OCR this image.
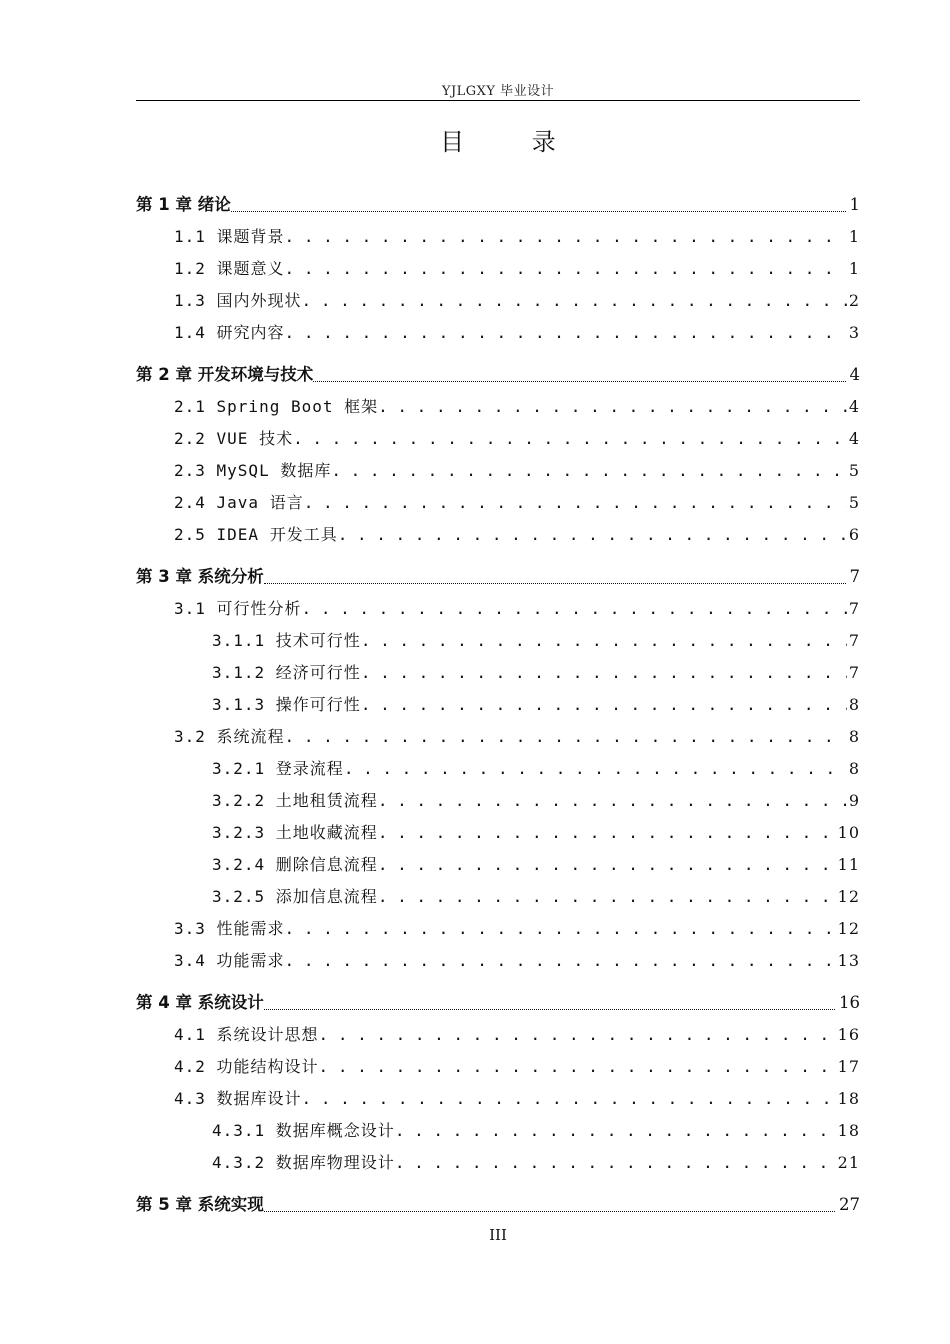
YJLGXY 毕业设计
目 录
第 1 章 绪论	1
1.1 课题背景 . . .	1
1.2 课题意义 . . .	1
1.3 国内外现状 . . .	2
1.4 研究内容 . . .	3
第 2 章 开发环境与技术	4
2.1 Spring Boot 框架 . . .	4
2.2 VUE 技术 . . .	4
2.3 MySQL 数据库 . . .	5
2.4 Java 语言 . . .	5
2.5 IDEA 开发工具 . . .	6
第 3 章 系统分析	7
3.1 可行性分析 . . .	7
3.1.1 技术可行性 . . .	7
3.1.2 经济可行性 . . .	7
3.1.3 操作可行性 . . .	8
3.2 系统流程 . . .	8
3.2.1 登录流程 . . .	8
3.2.2 土地租赁流程 . . .	9
3.2.3 土地收藏流程 . . .	10
3.2.4 删除信息流程 . . .	11
3.2.5 添加信息流程 . . .	12
3.3 性能需求 . . .	12
3.4 功能需求 . . .	13
第 4 章 系统设计	16
4.1 系统设计思想 . . .	16
4.2 功能结构设计 . . .	17
4.3 数据库设计 . . .	18
4.3.1 数据库概念设计 . . .	18
4.3.2 数据库物理设计 . . .	21
第 5 章 系统实现	27
III
